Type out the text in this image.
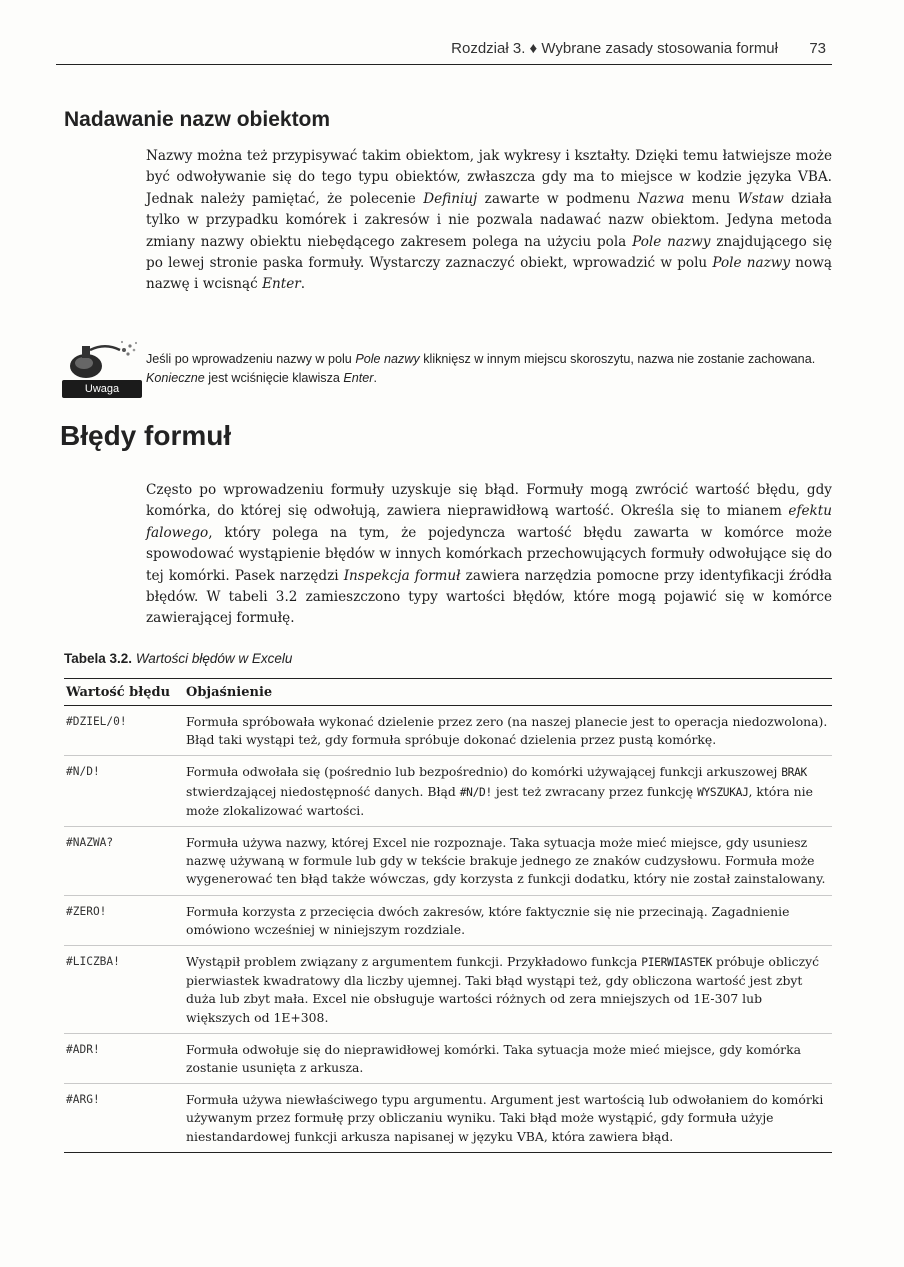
Rozdział 3. ♦ Wybrane zasady stosowania formuł 73
Nadawanie nazw obiektom

Nazwy można też przypisywać takim obiektom, jak wykresy i kształty. Dzięki temu łatwiejsze może być odwoływanie się do tego typu obiektów, zwłaszcza gdy ma to miejsce w kodzie języka VBA. Jednak należy pamiętać, że polecenie Definiuj zawarte w podmenu Nazwa menu Wstaw działa tylko w przypadku komórek i zakresów i nie pozwala nadawać nazw obiektom. Jedyna metoda zmiany nazwy obiektu niebędącego zakresem polega na użyciu pola Pole nazwy znajdującego się po lewej stronie paska formuły. Wystarczy zaznaczyć obiekt, wprowadzić w polu Pole nazwy nową nazwę i wcisnąć Enter.

Uwaga
Jeśli po wprowadzeniu nazwy w polu Pole nazwy kliknięsz w innym miejscu skoroszytu, nazwa nie zostanie zachowana. Konieczne jest wciśnięcie klawisza Enter.
Błędy formuł

Często po wprowadzeniu formuły uzyskuje się błąd. Formuły mogą zwrócić wartość błędu, gdy komórka, do której się odwołują, zawiera nieprawidłową wartość. Określa się to mianem efektu falowego, który polega na tym, że pojedyncza wartość błędu zawarta w komórce może spowodować wystąpienie błędów w innych komórkach przechowujących formuły odwołujące się do tej komórki. Pasek narzędzi Inspekcja formuł zawiera narzędzia pomocne przy identyfikacji źródła błędów. W tabeli 3.2 zamieszczono typy wartości błędów, które mogą pojawić się w komórce zawierającej formułę.

Tabela 3.2. Wartości błędów w Excelu
Wartość błędu	Objaśnienie
#DZIEL/0!	Formuła spróbowała wykonać dzielenie przez zero (na naszej planecie jest to operacja niedozwolona). Błąd taki wystąpi też, gdy formuła spróbuje dokonać dzielenia przez pustą komórkę.
#N/D!	Formuła odwołała się (pośrednio lub bezpośrednio) do komórki używającej funkcji arkuszowej BRAK stwierdzającej niedostępność danych. Błąd #N/D! jest też zwracany przez funkcję WYSZUKAJ, która nie może zlokalizować wartości.
#NAZWA?	Formuła używa nazwy, której Excel nie rozpoznaje. Taka sytuacja może mieć miejsce, gdy usuniesz nazwę używaną w formule lub gdy w tekście brakuje jednego ze znaków cudzysłowu. Formuła może wygenerować ten błąd także wówczas, gdy korzysta z funkcji dodatku, który nie został zainstalowany.
#ZERO!	Formuła korzysta z przecięcia dwóch zakresów, które faktycznie się nie przecinają. Zagadnienie omówiono wcześniej w niniejszym rozdziale.
#LICZBA!	Wystąpił problem związany z argumentem funkcji. Przykładowo funkcja PIERWIASTEK próbuje obliczyć pierwiastek kwadratowy dla liczby ujemnej. Taki błąd wystąpi też, gdy obliczona wartość jest zbyt duża lub zbyt mała. Excel nie obsługuje wartości różnych od zera mniejszych od 1E-307 lub większych od 1E+308.
#ADR!	Formuła odwołuje się do nieprawidłowej komórki. Taka sytuacja może mieć miejsce, gdy komórka zostanie usunięta z arkusza.
#ARG!	Formuła używa niewłaściwego typu argumentu. Argument jest wartością lub odwołaniem do komórki używanym przez formułę przy obliczaniu wyniku. Taki błąd może wystąpić, gdy formuła użyje niestandardowej funkcji arkusza napisanej w języku VBA, która zawiera błąd.
